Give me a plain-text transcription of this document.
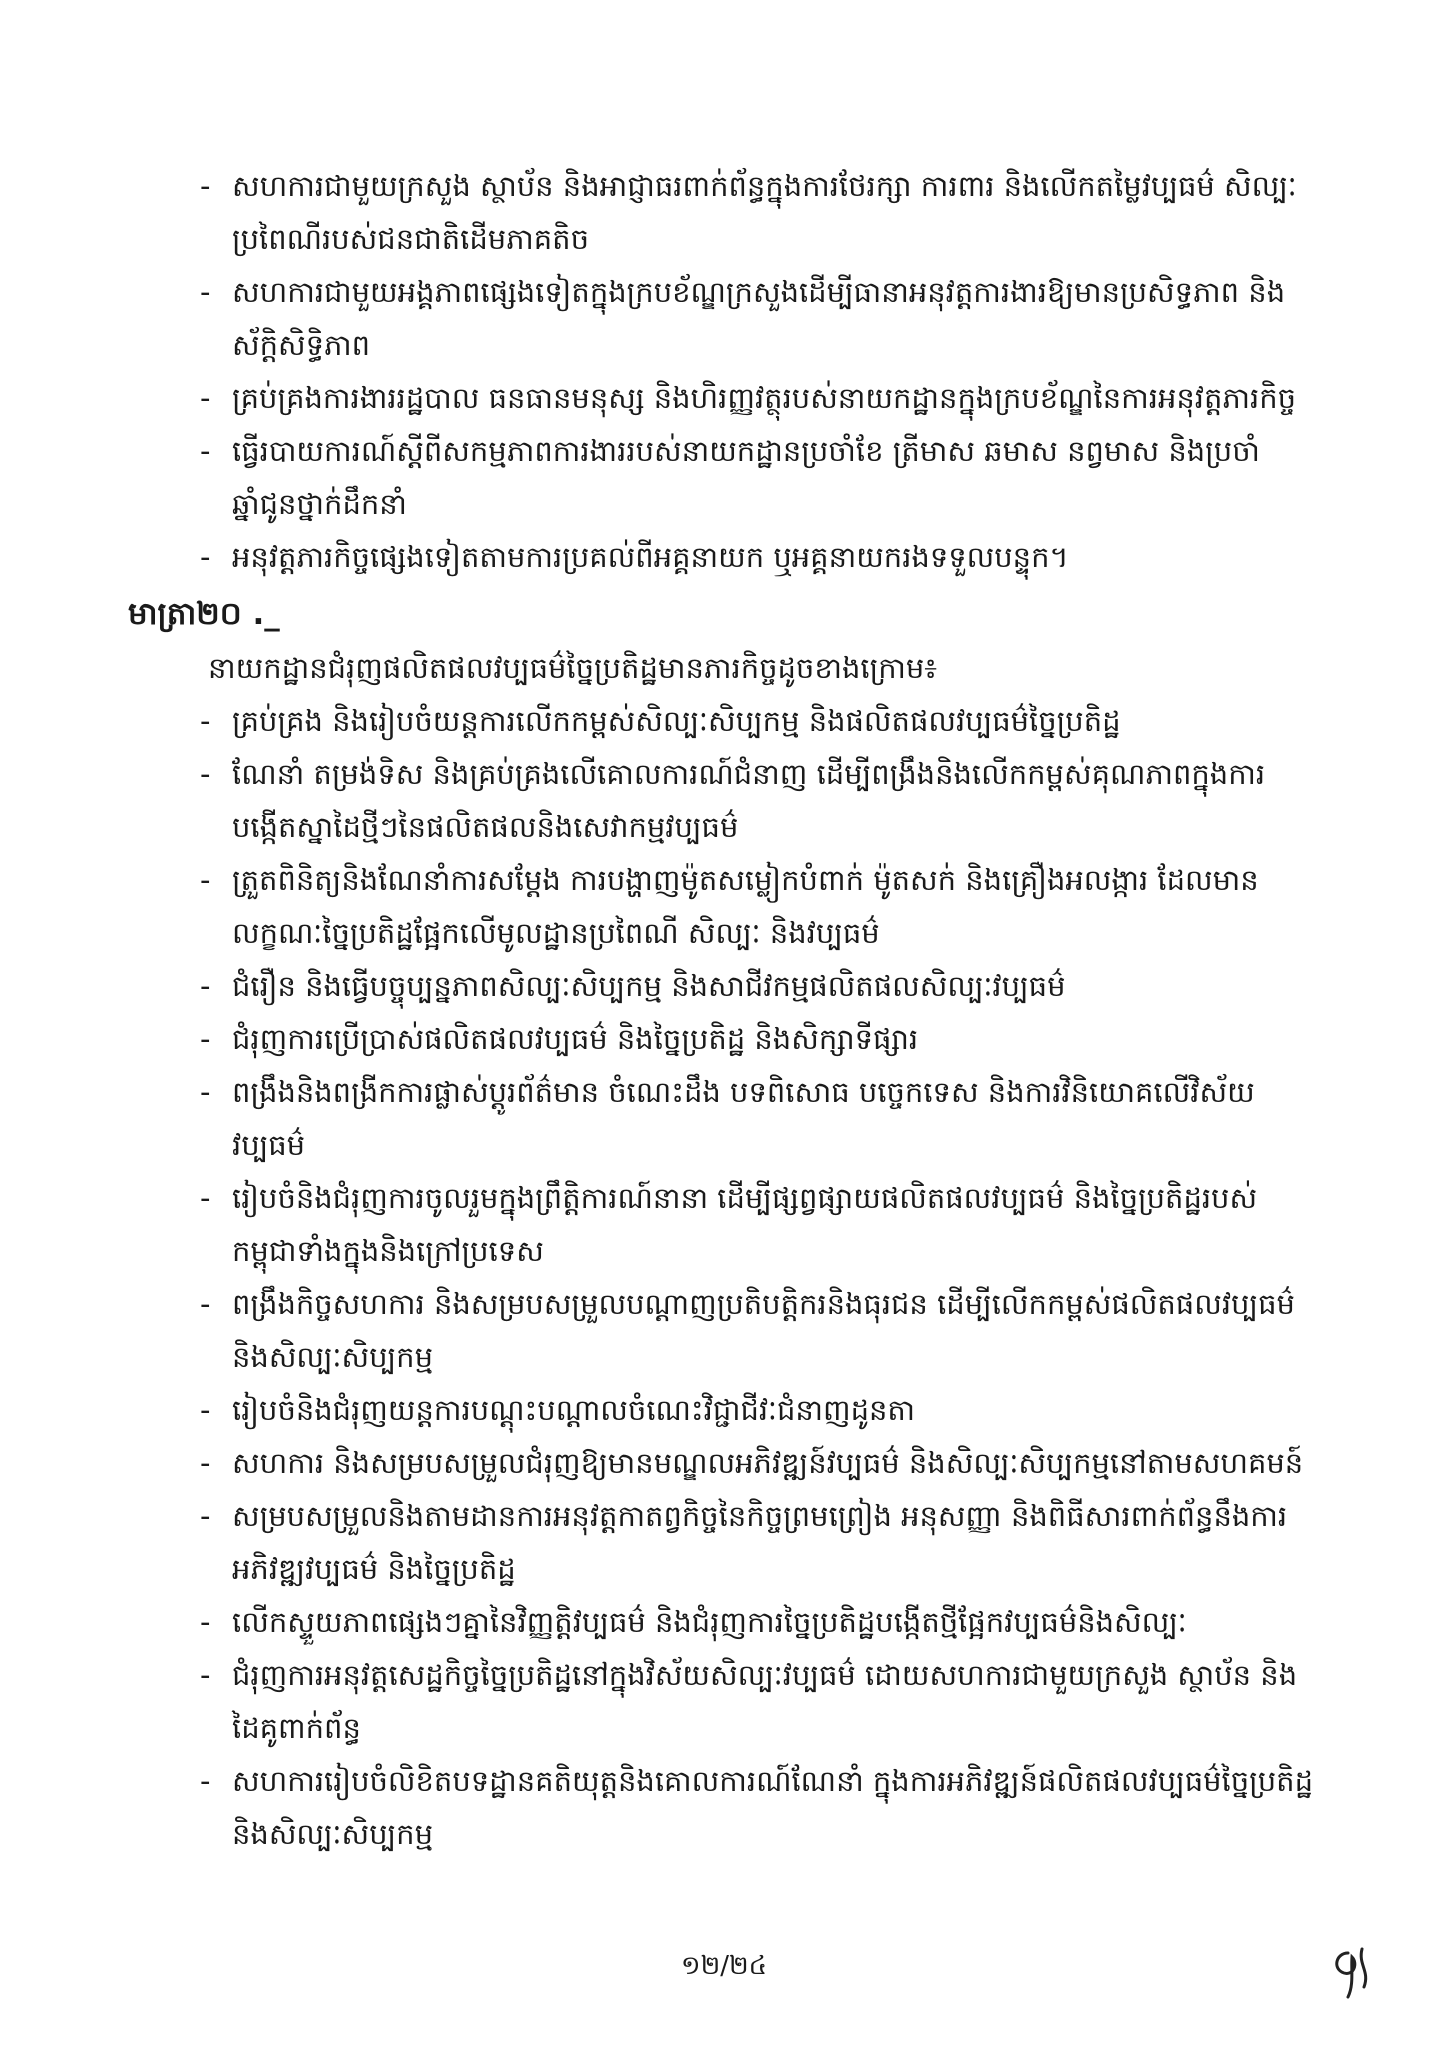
- សហការជាមួយក្រសួង ស្ថាប័ន និងអាជ្ញាធរពាក់ព័ន្ធក្នុងការថែរក្សា ការពារ និងលើកតម្លៃវប្បធម៌ សិល្បៈ ប្រពៃណីរបស់ជនជាតិដើមភាគតិច
- សហការជាមួយអង្គភាពផ្សេងទៀតក្នុងក្របខ័ណ្ឌក្រសួងដើម្បីធានាអនុវត្តការងារឱ្យមានប្រសិទ្ធភាព និងស័ក្តិសិទ្ធិភាព
- គ្រប់គ្រងការងាររដ្ឋបាល ធនធានមនុស្ស និងហិរញ្ញវត្ថុរបស់នាយកដ្ឋានក្នុងក្របខ័ណ្ឌនៃការអនុវត្តភារកិច្ច
- ធ្វើរបាយការណ៍ស្តីពីសកម្មភាពការងាររបស់នាយកដ្ឋានប្រចាំខែ ត្រីមាស ឆមាស នព្វមាស និងប្រចាំឆ្នាំជូនថ្នាក់ដឹកនាំ
- អនុវត្តភារកិច្ចផ្សេងទៀតតាមការប្រគល់ពីអគ្គនាយក ឬអគ្គនាយករងទទួលបន្ទុក។
មាត្រា២០ ._

នាយកដ្ឋានជំរុញផលិតផលវប្បធម៌ច្នៃប្រតិដ្ឋមានភារកិច្ចដូចខាងក្រោម៖

- គ្រប់គ្រង និងរៀបចំយន្តការលើកកម្ពស់សិល្បៈសិប្បកម្ម និងផលិតផលវប្បធម៌ច្នៃប្រតិដ្ឋ
- ណែនាំ តម្រង់ទិស និងគ្រប់គ្រងលើគោលការណ៍ជំនាញ ដើម្បីពង្រឹងនិងលើកកម្ពស់គុណភាពក្នុងការបង្កើតស្នាដៃថ្មីៗនៃផលិតផលនិងសេវាកម្មវប្បធម៌
- ត្រួតពិនិត្យនិងណែនាំការសម្តែង ការបង្ហាញម៉ូតសម្លៀកបំពាក់ ម៉ូតសក់ និងគ្រឿងអលង្ការ ដែលមានលក្ខណៈច្នៃប្រតិដ្ឋផ្អែកលើមូលដ្ឋានប្រពៃណី សិល្បៈ និងវប្បធម៌
- ជំរឿន និងធ្វើបច្ចុប្បន្នភាពសិល្បៈសិប្បកម្ម និងសាជីវកម្មផលិតផលសិល្បៈវប្បធម៌
- ជំរុញការប្រើប្រាស់ផលិតផលវប្បធម៌ និងច្នៃប្រតិដ្ឋ និងសិក្សាទីផ្សារ
- ពង្រឹងនិងពង្រីកការផ្លាស់ប្តូរព័ត៌មាន ចំណេះដឹង បទពិសោធ បច្ចេកទេស និងការវិនិយោគលើវិស័យវប្បធម៌
- រៀបចំនិងជំរុញការចូលរួមក្នុងព្រឹត្តិការណ៍នានា ដើម្បីផ្សព្វផ្សាយផលិតផលវប្បធម៌ និងច្នៃប្រតិដ្ឋរបស់កម្ពុជាទាំងក្នុងនិងក្រៅប្រទេស
- ពង្រឹងកិច្ចសហការ និងសម្របសម្រួលបណ្តាញប្រតិបត្តិករនិងធុរជន ដើម្បីលើកកម្ពស់ផលិតផលវប្បធម៌ និងសិល្បៈសិប្បកម្ម
- រៀបចំនិងជំរុញយន្តការបណ្តុះបណ្តាលចំណេះវិជ្ជាជីវៈជំនាញដូនតា
- សហការ និងសម្របសម្រួលជំរុញឱ្យមានមណ្ឌលអភិវឌ្ឍន៍វប្បធម៌ និងសិល្បៈសិប្បកម្មនៅតាមសហគមន៍
- សម្របសម្រួលនិងតាមដានការអនុវត្តកាតព្វកិច្ចនៃកិច្ចព្រមព្រៀង អនុសញ្ញា និងពិធីសារពាក់ព័ន្ធនឹងការអភិវឌ្ឍវប្បធម៌ និងច្នៃប្រតិដ្ឋ
- លើកស្ទួយភាពផ្សេងៗគ្នានៃវិញ្ញត្តិវប្បធម៌ និងជំរុញការច្នៃប្រតិដ្ឋបង្កើតថ្មីផ្អែកវប្បធម៌និងសិល្បៈ
- ជំរុញការអនុវត្តសេដ្ឋកិច្ចច្នៃប្រតិដ្ឋនៅក្នុងវិស័យសិល្បៈវប្បធម៌ ដោយសហការជាមួយក្រសួង ស្ថាប័ន និងដៃគូពាក់ព័ន្ធ
- សហការរៀបចំលិខិតបទដ្ឋានគតិយុត្តនិងគោលការណ៍ណែនាំ ក្នុងការអភិវឌ្ឍន៍ផលិតផលវប្បធម៌ច្នៃប្រតិដ្ឋ និងសិល្បៈសិប្បកម្ម
១២/២៤
